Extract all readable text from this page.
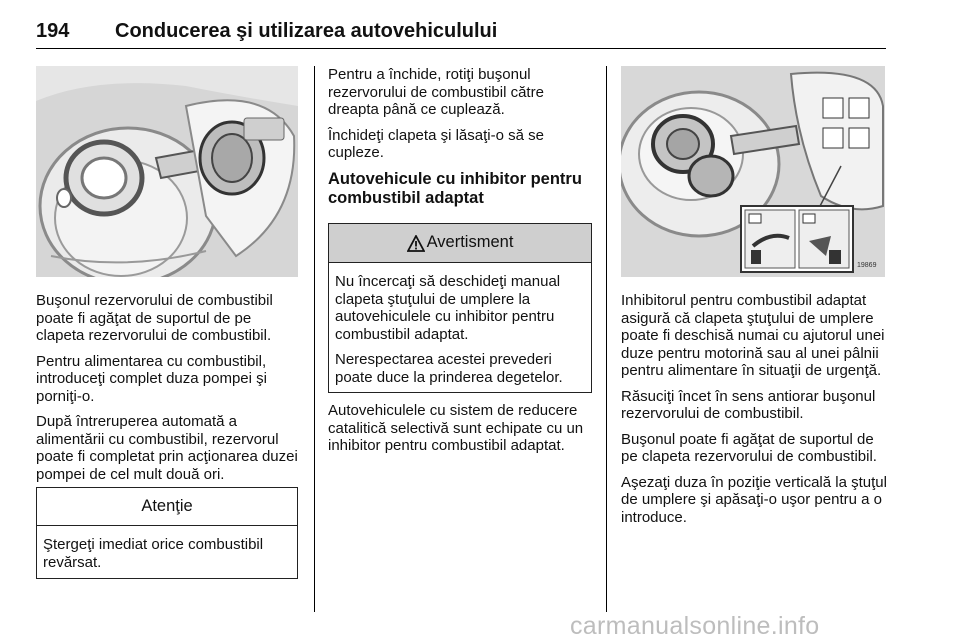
194 Conducerea şi utilizarea autovehiculului

Buşonul rezervorului de combustibil poate fi agăţat de suportul de pe clapeta rezervorului de combustibil.

Pentru alimentarea cu combustibil, introduceţi complet duza pompei şi porniţi-o.

După întreruperea automată a alimentării cu combustibil, rezervorul poate fi completat prin acţionarea duzei pompei de cel mult două ori.

Atenţie

Ştergeţi imediat orice combustibil revărsat.

Pentru a închide, rotiţi buşonul rezervorului de combustibil către dreapta până ce cuplează.

Închideţi clapeta şi lăsaţi-o să se cupleze.

Autovehicule cu inhibitor pentru combustibil adaptat
Avertisment

Nu încercaţi să deschideţi manual clapeta ştuţului de umplere la autovehiculele cu inhibitor pentru combustibil adaptat.

Nerespectarea acestei prevederi poate duce la prinderea degetelor.

Autovehiculele cu sistem de reducere catalitică selectivă sunt echipate cu un inhibitor pentru combustibil adaptat.

19869

Inhibitorul pentru combustibil adaptat asigură că clapeta ştuţului de umplere poate fi deschisă numai cu ajutorul unei duze pentru motorină sau al unei pâlnii pentru alimentare în situaţii de urgenţă.

Răsuciţi încet în sens antiorar buşonul rezervorului de combustibil.

Buşonul poate fi agăţat de suportul de pe clapeta rezervorului de combustibil.

Aşezaţi duza în poziţie verticală la ştuţul de umplere şi apăsaţi-o uşor pentru a o introduce.

carmanualsonline.info
